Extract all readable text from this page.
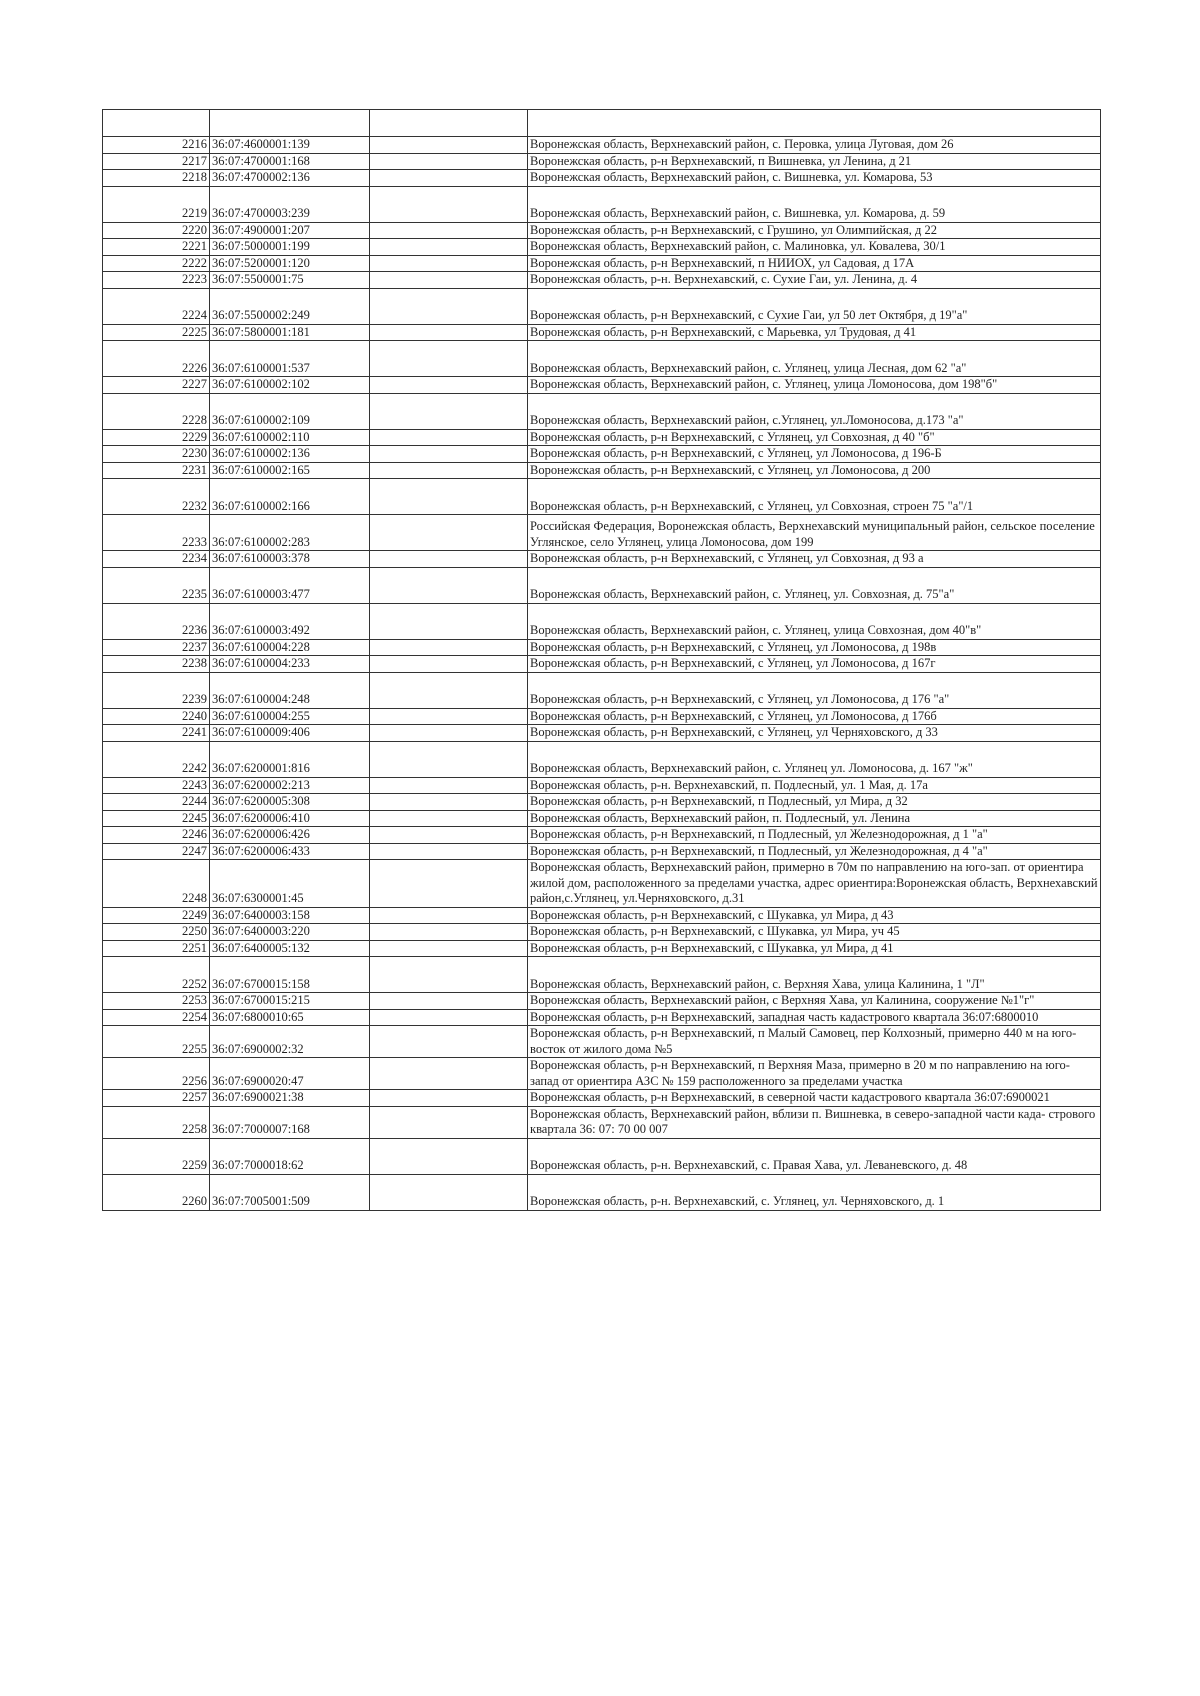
2216	36:07:4600001:139		Воронежская область, Верхнехавский район, с. Перовка, улица Луговая, дом 26
2217	36:07:4700001:168		Воронежская область, р-н Верхнехавский, п Вишневка, ул Ленина, д 21
2218	36:07:4700002:136		Воронежская область, Верхнехавский район, с. Вишневка, ул. Комарова, 53
2219	36:07:4700003:239		Воронежская область, Верхнехавский район, с. Вишневка, ул. Комарова, д. 59
2220	36:07:4900001:207		Воронежская область, р-н Верхнехавский, с Грушино, ул Олимпийская, д 22
2221	36:07:5000001:199		Воронежская область, Верхнехавский район, с. Малиновка, ул. Ковалева, 30/1
2222	36:07:5200001:120		Воронежская область, р-н Верхнехавский, п НИИОХ, ул Садовая, д 17А
2223	36:07:5500001:75		Воронежская область, р-н. Верхнехавский, с. Сухие Гаи, ул. Ленина, д. 4
2224	36:07:5500002:249		Воронежская область, р-н Верхнехавский, с Сухие Гаи, ул 50 лет Октября, д 19"а"
2225	36:07:5800001:181		Воронежская область, р-н Верхнехавский, с Марьевка, ул Трудовая, д 41
2226	36:07:6100001:537		Воронежская область, Верхнехавский район, с. Углянец, улица Лесная, дом 62 "а"
2227	36:07:6100002:102		Воронежская область, Верхнехавский район, с. Углянец, улица Ломоносова, дом 198"б"
2228	36:07:6100002:109		Воронежская область, Верхнехавский район, с.Углянец, ул.Ломоносова, д.173 "а"
2229	36:07:6100002:110		Воронежская область, р-н Верхнехавский, с Углянец, ул Совхозная, д 40 "б"
2230	36:07:6100002:136		Воронежская область, р-н Верхнехавский, с Углянец, ул Ломоносова, д 196-Б
2231	36:07:6100002:165		Воронежская область, р-н Верхнехавский, с Углянец, ул Ломоносова, д 200
2232	36:07:6100002:166		Воронежская область, р-н Верхнехавский, с Углянец, ул Совхозная, строен 75 "а"/1
2233	36:07:6100002:283		Российская Федерация, Воронежская область, Верхнехавский муниципальный район, сельское поселение Углянское, село Углянец, улица Ломоносова, дом 199
2234	36:07:6100003:378		Воронежская область, р-н Верхнехавский, с Углянец, ул Совхозная, д 93 а
2235	36:07:6100003:477		Воронежская область, Верхнехавский район, с. Углянец, ул. Совхозная, д. 75"а"
2236	36:07:6100003:492		Воронежская область, Верхнехавский район, с. Углянец, улица Совхозная, дом 40"в"
2237	36:07:6100004:228		Воронежская область, р-н Верхнехавский, с Углянец, ул Ломоносова, д 198в
2238	36:07:6100004:233		Воронежская область, р-н Верхнехавский, с Углянец, ул Ломоносова, д 167г
2239	36:07:6100004:248		Воронежская область, р-н Верхнехавский, с Углянец, ул Ломоносова, д 176 "а"
2240	36:07:6100004:255		Воронежская область, р-н Верхнехавский, с Углянец, ул Ломоносова, д 176б
2241	36:07:6100009:406		Воронежская область, р-н Верхнехавский, с Углянец, ул Черняховского, д 33
2242	36:07:6200001:816		Воронежская область, Верхнехавский район, с. Углянец ул. Ломоносова, д. 167 "ж"
2243	36:07:6200002:213		Воронежская область, р-н. Верхнехавский, п. Подлесный, ул. 1 Мая, д. 17а
2244	36:07:6200005:308		Воронежская область, р-н Верхнехавский, п Подлесный, ул Мира, д 32
2245	36:07:6200006:410		Воронежская область, Верхнехавский район, п. Подлесный, ул. Ленина
2246	36:07:6200006:426		Воронежская область, р-н Верхнехавский, п Подлесный, ул Железнодорожная, д 1 "а"
2247	36:07:6200006:433		Воронежская область, р-н Верхнехавский, п Подлесный, ул Железнодорожная, д 4 "а"
2248	36:07:6300001:45		Воронежская область, Верхнехавский район, примерно в 70м по направлению на юго-зап. от ориентира жилой дом, расположенного за пределами участка, адрес ориентира:Воронежская область, Верхнехавский район,с.Углянец, ул.Черняховского, д.31
2249	36:07:6400003:158		Воронежская область, р-н Верхнехавский, с Шукавка, ул Мира, д 43
2250	36:07:6400003:220		Воронежская область, р-н Верхнехавский, с Шукавка, ул Мира, уч 45
2251	36:07:6400005:132		Воронежская область, р-н Верхнехавский, с Шукавка, ул Мира, д 41
2252	36:07:6700015:158		Воронежская область, Верхнехавский район, с. Верхняя Хава, улица Калинина, 1 "Л"
2253	36:07:6700015:215		Воронежская область, Верхнехавский район, с Верхняя Хава, ул Калинина, сооружение №1"г"
2254	36:07:6800010:65		Воронежская область, р-н Верхнехавский, западная часть кадастрового квартала 36:07:6800010
2255	36:07:6900002:32		Воронежская область, р-н Верхнехавский, п Малый Самовец, пер Колхозный, примерно 440 м на юго-восток от жилого дома №5
2256	36:07:6900020:47		Воронежская область, р-н Верхнехавский, п Верхняя Маза, примерно в 20 м по направлению на юго-запад от ориентира АЗС № 159 расположенного за пределами участка
2257	36:07:6900021:38		Воронежская область, р-н Верхнехавский, в северной части кадастрового квартала 36:07:6900021
2258	36:07:7000007:168		Воронежская область, Верхнехавский район, вблизи п. Вишневка, в северо-западной части када- стрового квартала 36: 07: 70 00 007
2259	36:07:7000018:62		Воронежская область, р-н. Верхнехавский, с. Правая Хава, ул. Леваневского, д. 48
2260	36:07:7005001:509		Воронежская область, р-н. Верхнехавский, с. Углянец, ул. Черняховского, д. 1
